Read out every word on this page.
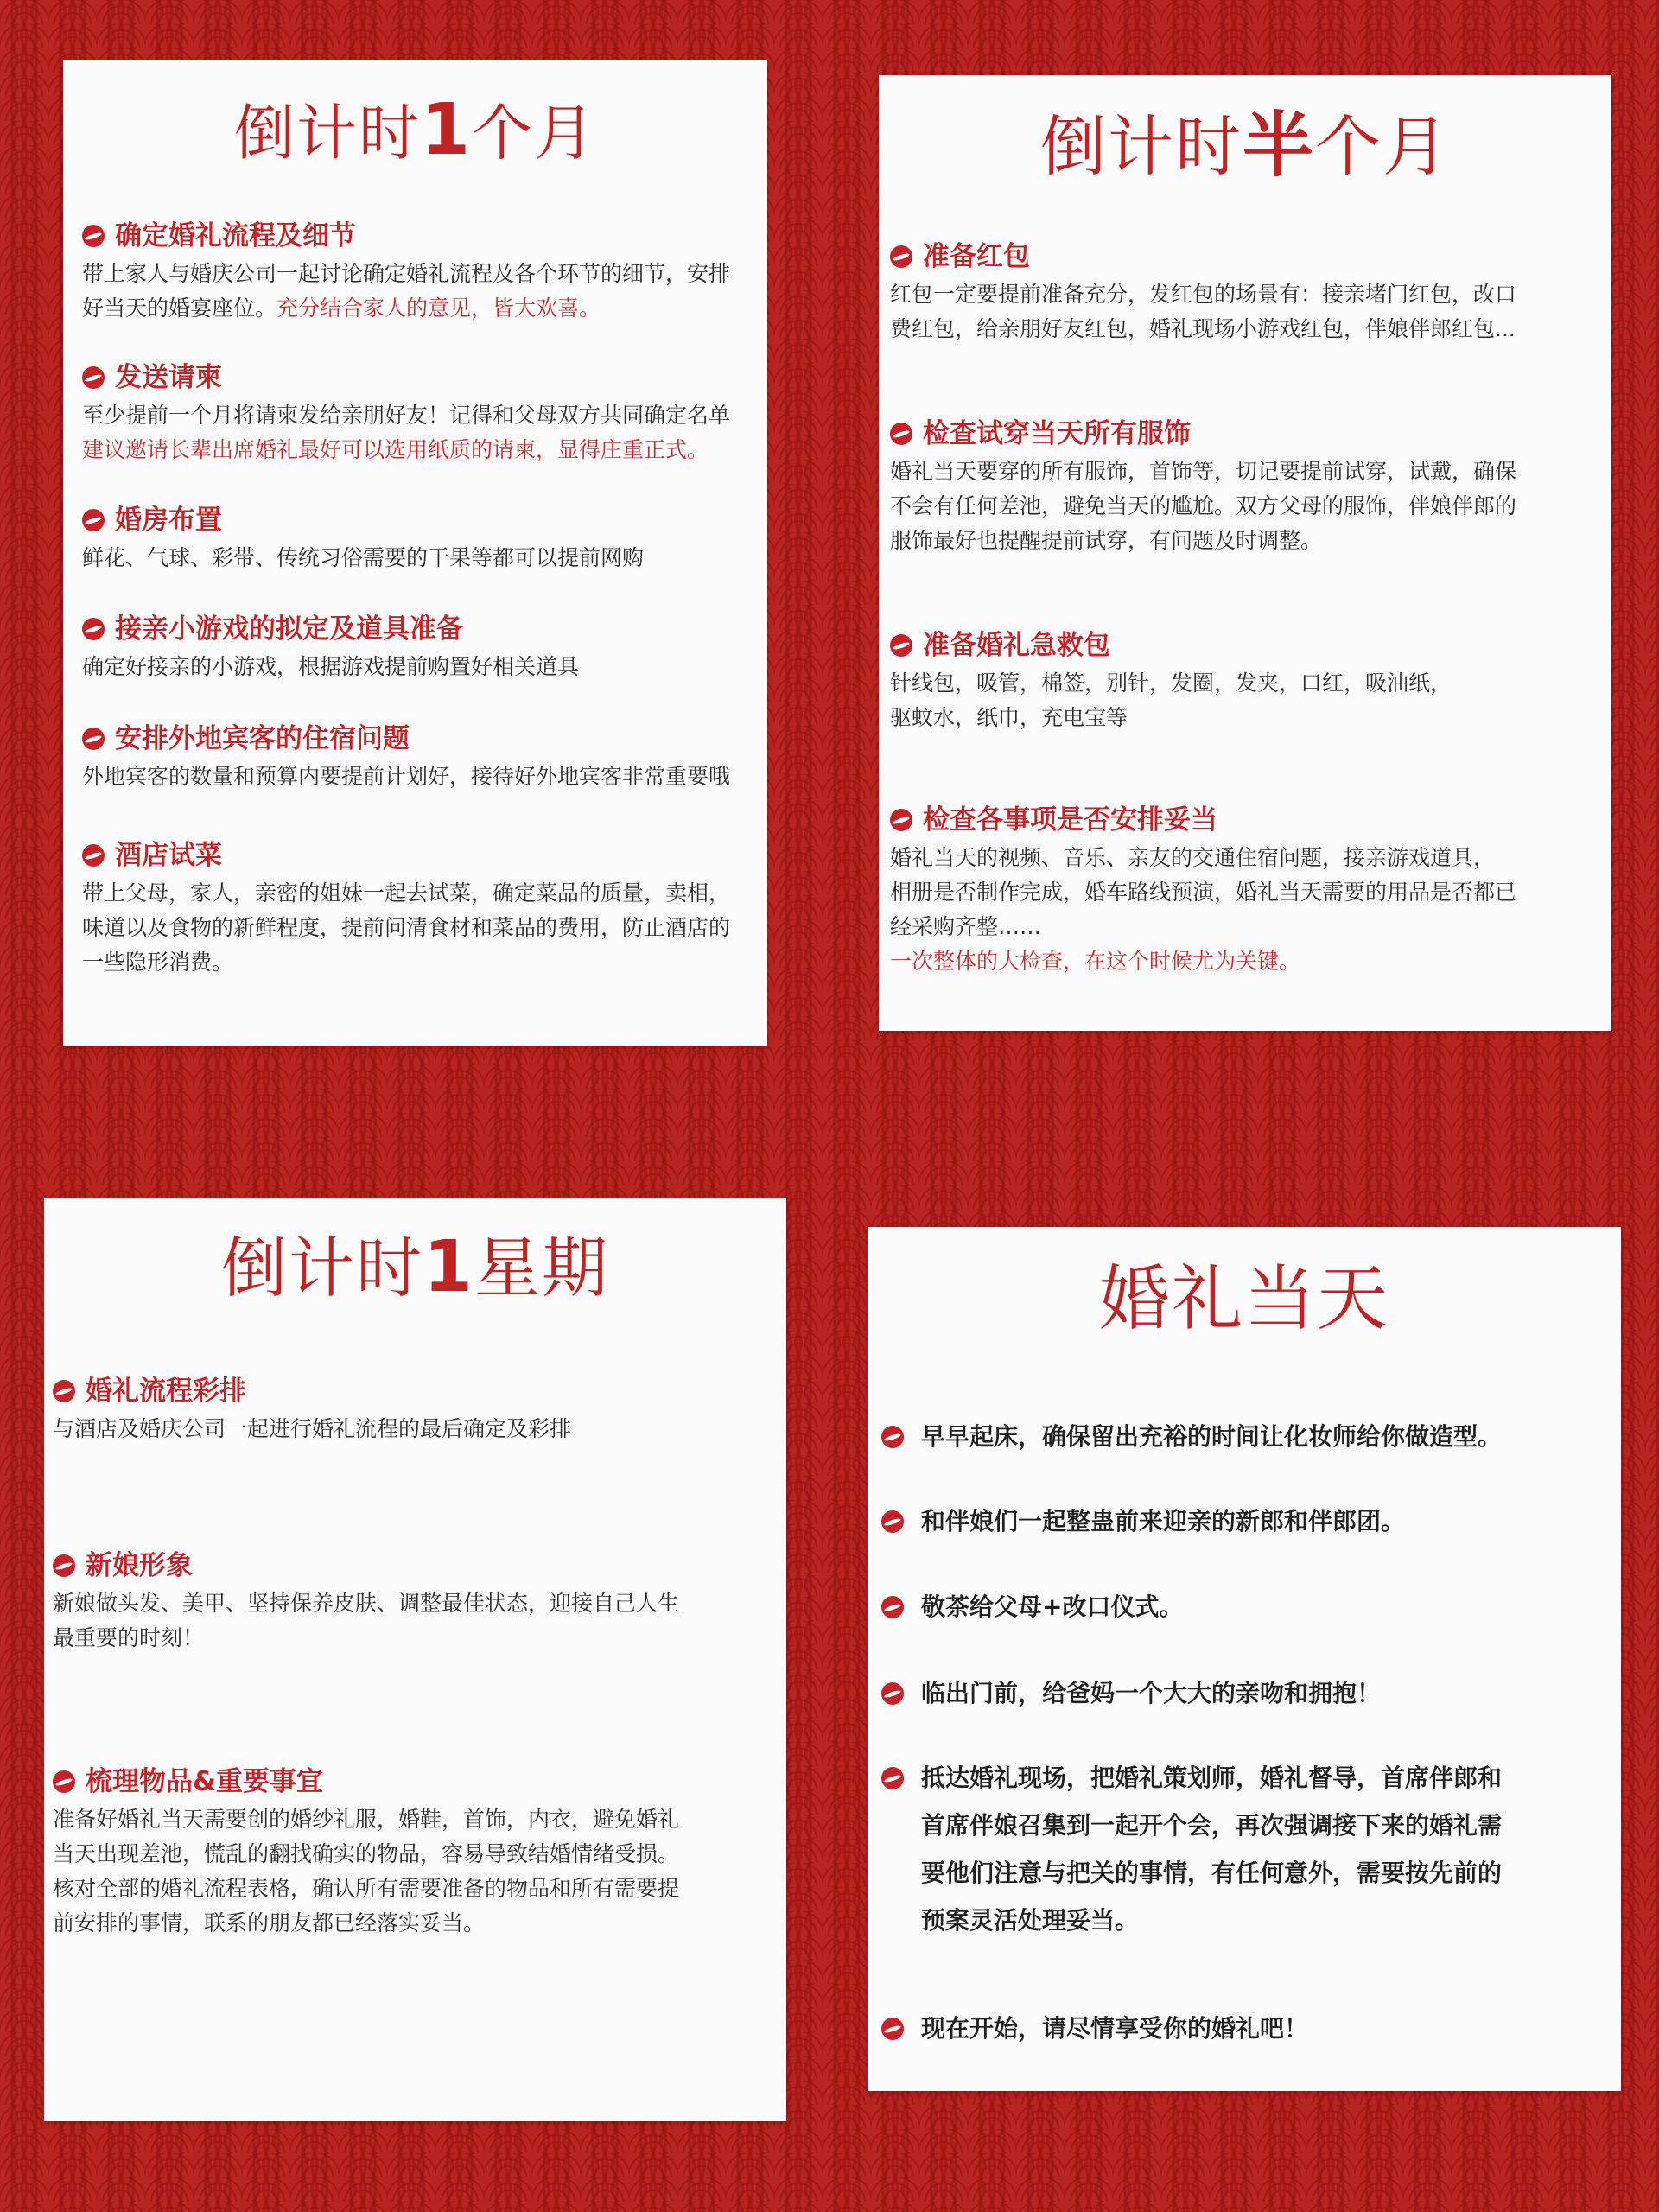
倒计时1个月
确定婚礼流程及细节
带上家人与婚庆公司一起讨论确定婚礼流程及各个环节的细节，安排
好当天的婚宴座位。充分结合家人的意见，皆大欢喜。
发送请柬
至少提前一个月将请柬发给亲朋好友！记得和父母双方共同确定名单
建议邀请长辈出席婚礼最好可以选用纸质的请柬，显得庄重正式。
婚房布置
鲜花、气球、彩带、传统习俗需要的干果等都可以提前网购
接亲小游戏的拟定及道具准备
确定好接亲的小游戏，根据游戏提前购置好相关道具
安排外地宾客的住宿问题
外地宾客的数量和预算内要提前计划好，接待好外地宾客非常重要哦
酒店试菜
带上父母，家人，亲密的姐妹一起去试菜，确定菜品的质量，卖相，
味道以及食物的新鲜程度，提前问清食材和菜品的费用，防止酒店的
一些隐形消费。
倒计时半个月
准备红包
红包一定要提前准备充分，发红包的场景有：接亲堵门红包，改口
费红包，给亲朋好友红包，婚礼现场小游戏红包，伴娘伴郎红包...
检查试穿当天所有服饰
婚礼当天要穿的所有服饰，首饰等，切记要提前试穿，试戴，确保
不会有任何差池，避免当天的尴尬。双方父母的服饰，伴娘伴郎的
服饰最好也提醒提前试穿，有问题及时调整。
准备婚礼急救包
针线包，吸管，棉签，别针，发圈，发夹，口红，吸油纸，
驱蚊水，纸巾，充电宝等
检查各事项是否安排妥当
婚礼当天的视频、音乐、亲友的交通住宿问题，接亲游戏道具，
相册是否制作完成，婚车路线预演，婚礼当天需要的用品是否都已
经采购齐整……
一次整体的大检查，在这个时候尤为关键。
倒计时1星期
婚礼流程彩排
与酒店及婚庆公司一起进行婚礼流程的最后确定及彩排
新娘形象
新娘做头发、美甲、坚持保养皮肤、调整最佳状态，迎接自己人生
最重要的时刻！
梳理物品&重要事宜
准备好婚礼当天需要创的婚纱礼服，婚鞋，首饰，内衣，避免婚礼
当天出现差池，慌乱的翻找确实的物品，容易导致结婚情绪受损。
核对全部的婚礼流程表格，确认所有需要准备的物品和所有需要提
前安排的事情，联系的朋友都已经落实妥当。
婚礼当天
早早起床，确保留出充裕的时间让化妆师给你做造型。
和伴娘们一起整蛊前来迎亲的新郎和伴郎团。
敬茶给父母+改口仪式。
临出门前，给爸妈一个大大的亲吻和拥抱！
抵达婚礼现场，把婚礼策划师，婚礼督导，首席伴郎和
首席伴娘召集到一起开个会，再次强调接下来的婚礼需
要他们注意与把关的事情，有任何意外，需要按先前的
预案灵活处理妥当。
现在开始，请尽情享受你的婚礼吧！
